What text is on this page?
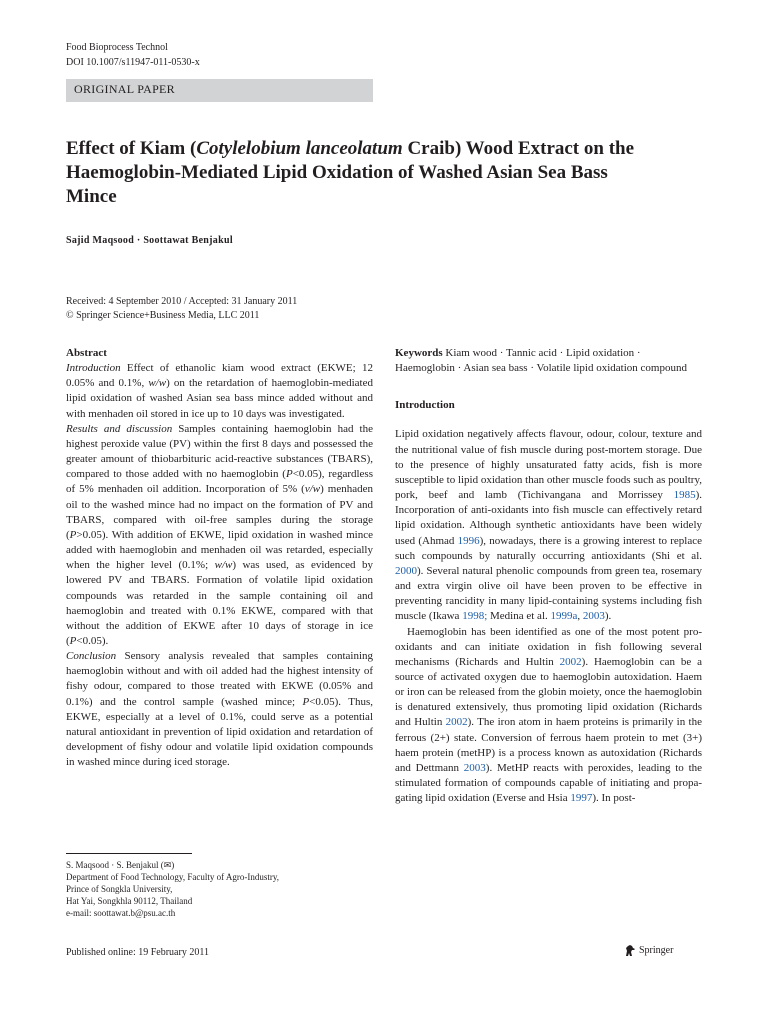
Food Bioprocess Technol
DOI 10.1007/s11947-011-0530-x
ORIGINAL PAPER
Effect of Kiam (Cotylelobium lanceolatum Craib) Wood Extract on the Haemoglobin-Mediated Lipid Oxidation of Washed Asian Sea Bass Mince
Sajid Maqsood · Soottawat Benjakul
Received: 4 September 2010 / Accepted: 31 January 2011
© Springer Science+Business Media, LLC 2011

Abstract

Introduction Effect of ethanolic kiam wood extract (EKWE; 12 0.05% and 0.1%, w/w) on the retardation of haemoglobin-mediated lipid oxidation of washed Asian sea bass mince added without and with menhaden oil stored in ice up to 10 days was investigated.

Results and discussion Samples containing haemoglobin had the highest peroxide value (PV) within the first 8 days and possessed the greater amount of thiobarbituric acid-reactive substances (TBARS), compared to those added with no haemoglobin (P<0.05), regardless of 5% menhaden oil addition. Incorporation of 5% (v/w) menhaden oil to the washed mince had no impact on the formation of PV and TBARS, compared with oil-free samples during the storage (P>0.05). With addition of EKWE, lipid oxidation in washed mince added with haemoglobin and menhaden oil was retarded, especially when the higher level (0.1%; w/w) was used, as evidenced by lowered PV and TBARS. Formation of volatile lipid oxidation compounds was retarded in the sample containing oil and haemoglobin and treated with 0.1% EKWE, compared with that without the addition of EKWE after 10 days of storage in ice (P<0.05).

Conclusion Sensory analysis revealed that samples containing haemoglobin without and with oil added had the highest intensity of fishy odour, compared to those treated with EKWE (0.05% and 0.1%) and the control sample (washed mince; P<0.05). Thus, EKWE, especially at a level of 0.1%, could serve as a potential natural antioxidant in prevention of lipid oxidation and retardation of development of fishy odour and volatile lipid oxidation compounds in washed mince during iced storage.

S. Maqsood · S. Benjakul (✉)
Department of Food Technology, Faculty of Agro-Industry,
Prince of Songkla University,
Hat Yai, Songkhla 90112, Thailand
e-mail: soottawat.b@psu.ac.th

Keywords Kiam wood · Tannic acid · Lipid oxidation · Haemoglobin · Asian sea bass · Volatile lipid oxidation compound

Introduction

Lipid oxidation negatively affects flavour, odour, colour, texture and the nutritional value of fish muscle during post-mortem storage. Due to the presence of highly unsaturated fatty acids, fish is more susceptible to lipid oxidation than other muscle foods such as poultry, pork, beef and lamb (Tichivangana and Morrissey 1985). Incorporation of anti-oxidants into fish muscle can effectively retard lipid oxidation. Although synthetic antioxidants have been widely used (Ahmad 1996), nowadays, there is a growing interest to replace such compounds by naturally occurring antioxidants (Shi et al. 2000). Several natural phenolic compounds from green tea, rosemary and extra virgin olive oil have been proven to be effective in preventing rancidity in many lipid-containing systems including fish muscle (Ikawa 1998; Medina et al. 1999a, 2003).

Haemoglobin has been identified as one of the most potent pro-oxidants and can initiate oxidation in fish following several mechanisms (Richards and Hultin 2002). Haemoglobin can be a source of activated oxygen due to haemoglobin autoxidation. Haem or iron can be released from the globin moiety, once the haemoglobin is denatured extensively, thus promoting lipid oxidation (Richards and Hultin 2002). The iron atom in haem proteins is primarily in the ferrous (2+) state. Conversion of ferrous haem protein to met (3+) haem protein (metHP) is a process known as autoxidation (Richards and Dettmann 2003). MetHP reacts with peroxides, leading to the stimulated formation of compounds capable of initiating and propa-gating lipid oxidation (Everse and Hsia 1997). In post-

Published online: 19 February 2011	Springer
